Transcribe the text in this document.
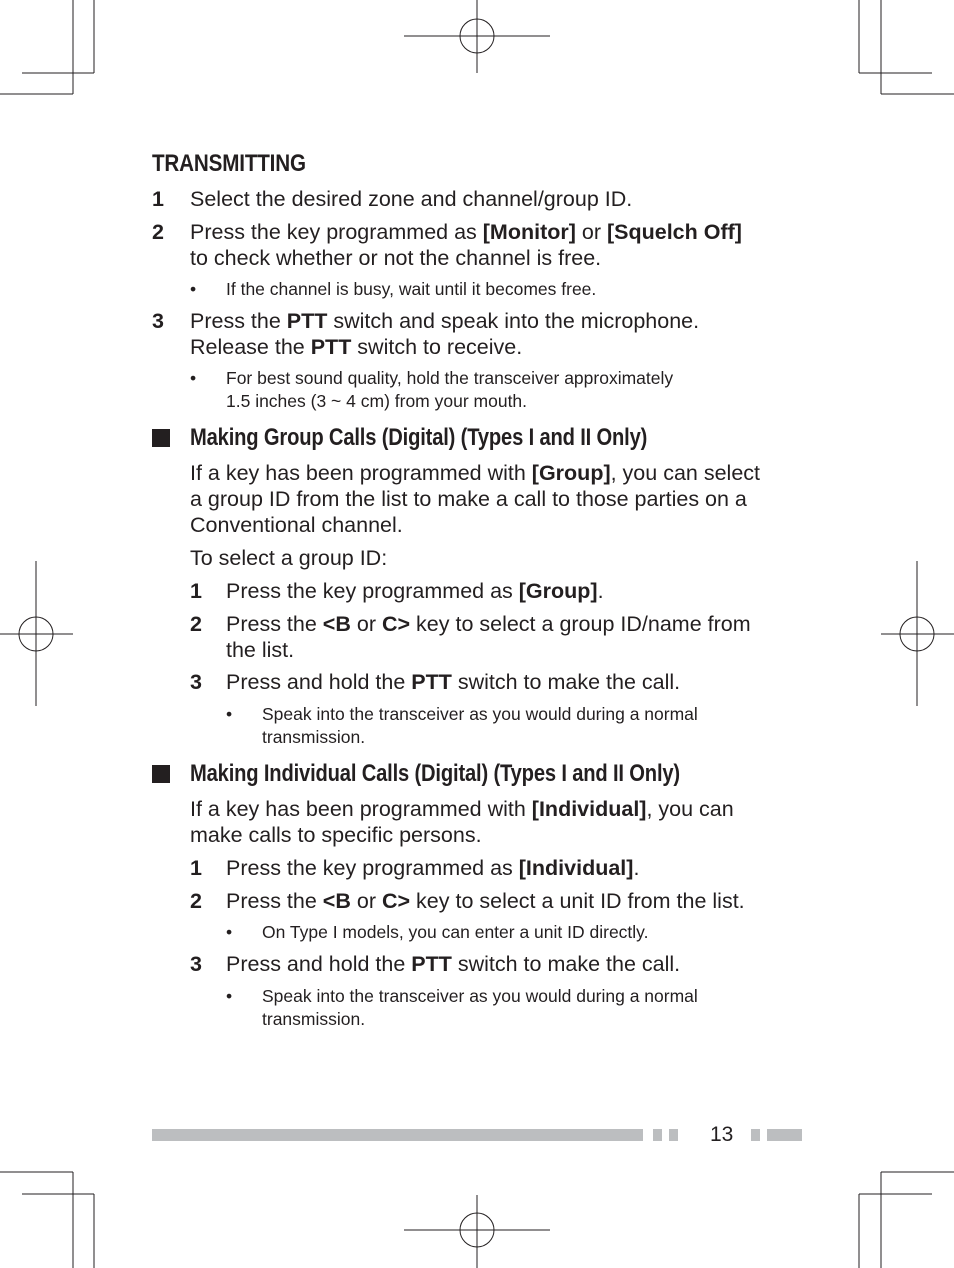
TRANSMITTING
1 Select the desired zone and channel/group ID.
2 Press the key programmed as [Monitor] or [Squelch Off]
to check whether or not the channel is free.
• If the channel is busy, wait until it becomes free.
3 Press the PTT switch and speak into the microphone.
Release the PTT switch to receive.
• For best sound quality, hold the transceiver approximately
1.5 inches (3 ~ 4 cm) from your mouth.
Making Group Calls (Digital) (Types I and II Only)
If a key has been programmed with [Group], you can select
a group ID from the list to make a call to those parties on a
Conventional channel.
To select a group ID:
1 Press the key programmed as [Group].
2 Press the <B or C> key to select a group ID/name from
the list.
3 Press and hold the PTT switch to make the call.
• Speak into the transceiver as you would during a normal
transmission.
Making Individual Calls (Digital) (Types I and II Only)
If a key has been programmed with [Individual], you can
make calls to specific persons.
1 Press the key programmed as [Individual].
2 Press the <B or C> key to select a unit ID from the list.
• On Type I models, you can enter a unit ID directly.
3 Press and hold the PTT switch to make the call.
• Speak into the transceiver as you would during a normal
transmission.
13
